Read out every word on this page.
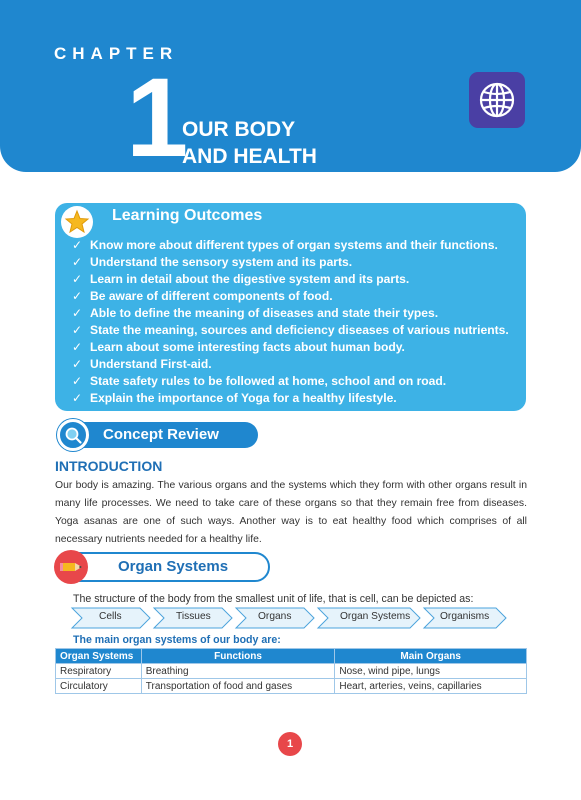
CHAPTER
1
OUR BODY
AND HEALTH
Learning Outcomes
✓ Know more about different types of organ systems and their functions.
✓ Understand the sensory system and its parts.
✓ Learn in detail about the digestive system and its parts.
✓ Be aware of different components of food.
✓ Able to define the meaning of diseases and state their types.
✓ State the meaning, sources and deficiency diseases of various nutrients.
✓ Learn about some interesting facts about human body.
✓ Understand First-aid.
✓ State safety rules to be followed at home, school and on road.
✓ Explain the importance of Yoga for a healthy lifestyle.
Concept Review
INTRODUCTION

Our body is amazing. The various organs and the systems which they form with other organs result in many life processes. We need to take care of these organs so that they remain free from diseases. Yoga asanas are one of such ways. Another way is to eat healthy food which comprises of all necessary nutrients needed for a healthy life.

Organ Systems
The structure of the body from the smallest unit of life, that is cell, can be depicted as:
Cells	Tissues	Organs	Organ Systems	Organisms
The main organ systems of our body are:
Organ Systems	Functions	Main Organs
Respiratory	Breathing	Nose, wind pipe, lungs
Circulatory	Transportation of food and gases	Heart, arteries, veins, capillaries
1
